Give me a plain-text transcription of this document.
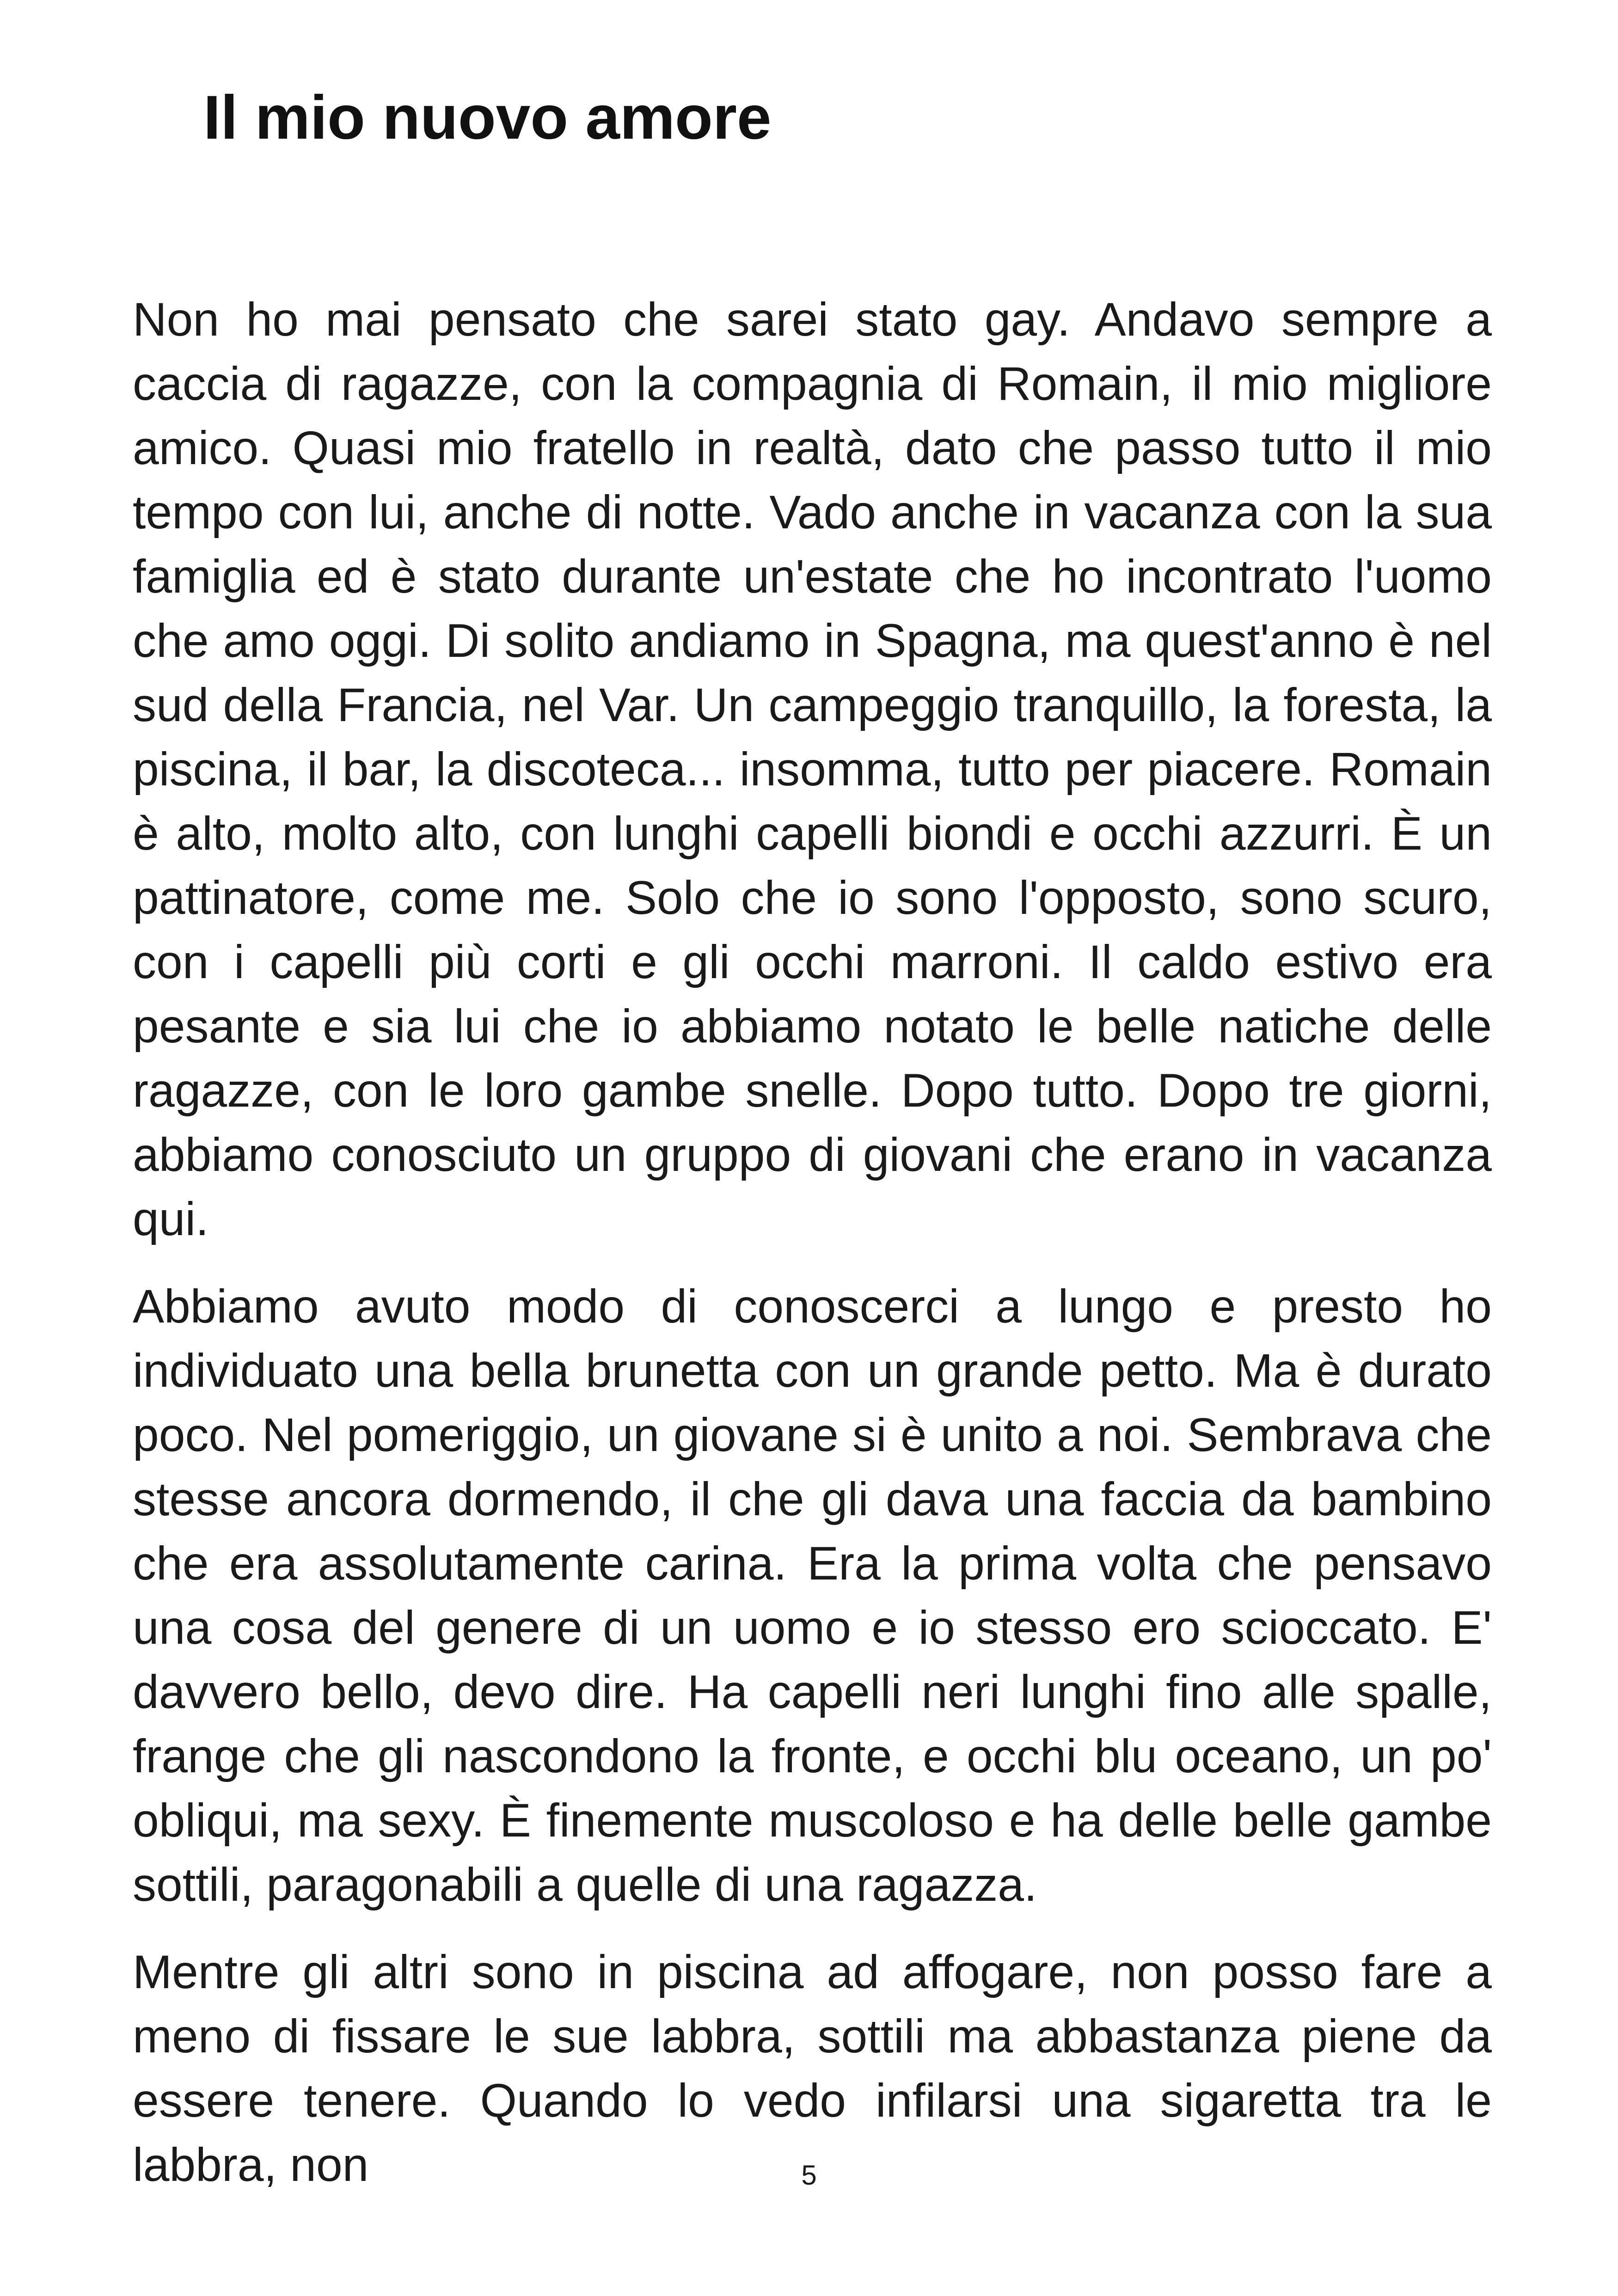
Il mio nuovo amore

Non ho mai pensato che sarei stato gay. Andavo sempre a caccia di ragazze, con la compagnia di Romain, il mio migliore amico. Quasi mio fratello in realtà, dato che passo tutto il mio tempo con lui, anche di notte. Vado anche in vacanza con la sua famiglia ed è stato durante un'estate che ho incontrato l'uomo che amo oggi. Di solito andiamo in Spagna, ma quest'anno è nel sud della Francia, nel Var. Un campeggio tranquillo, la foresta, la piscina, il bar, la discoteca... insomma, tutto per piacere. Romain è alto, molto alto, con lunghi capelli biondi e occhi azzurri. È un pattinatore, come me. Solo che io sono l'opposto, sono scuro, con i capelli più corti e gli occhi marroni. Il caldo estivo era pesante e sia lui che io abbiamo notato le belle natiche delle ragazze, con le loro gambe snelle. Dopo tutto. Dopo tre giorni, abbiamo conosciuto un gruppo di giovani che erano in vacanza qui.

Abbiamo avuto modo di conoscerci a lungo e presto ho individuato una bella brunetta con un grande petto. Ma è durato poco. Nel pomeriggio, un giovane si è unito a noi. Sembrava che stesse ancora dormendo, il che gli dava una faccia da bambino che era assolutamente carina. Era la prima volta che pensavo una cosa del genere di un uomo e io stesso ero scioccato. E' davvero bello, devo dire. Ha capelli neri lunghi fino alle spalle, frange che gli nascondono la fronte, e occhi blu oceano, un po' obliqui, ma sexy. È finemente muscoloso e ha delle belle gambe sottili, paragonabili a quelle di una ragazza.

Mentre gli altri sono in piscina ad affogare, non posso fare a meno di fissare le sue labbra, sottili ma abbastanza piene da essere tenere. Quando lo vedo infilarsi una sigaretta tra le labbra, non	5
